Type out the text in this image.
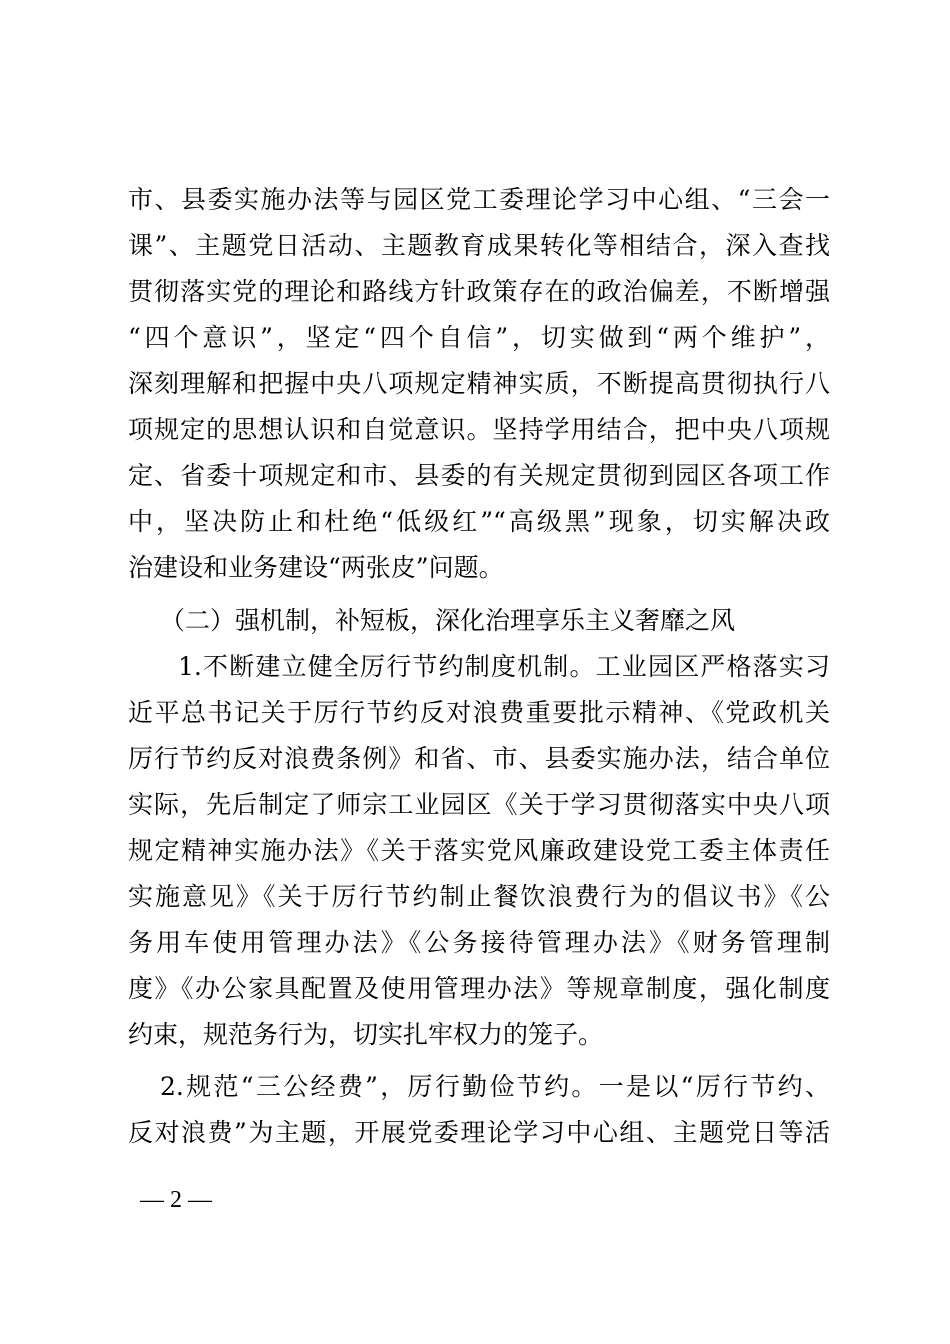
市、县委实施办法等与园区党工委理论学习中心组、“三会一
课”、主题党日活动、主题教育成果转化等相结合，深入查找
贯彻落实党的理论和路线方针政策存在的政治偏差，不断增强
“四个意识”，坚定“四个自信”，切实做到“两个维护”，
深刻理解和把握中央八项规定精神实质，不断提高贯彻执行八
项规定的思想认识和自觉意识。坚持学用结合，把中央八项规
定、省委十项规定和市、县委的有关规定贯彻到园区各项工作
中，坚决防止和杜绝“低级红”“高级黑”现象，切实解决政
治建设和业务建设“两张皮”问题。
（二）强机制，补短板，深化治理享乐主义奢靡之风
1.不断建立健全厉行节约制度机制。工业园区严格落实习
近平总书记关于厉行节约反对浪费重要批示精神、《党政机关
厉行节约反对浪费条例》和省、市、县委实施办法，结合单位
实际，先后制定了师宗工业园区《关于学习贯彻落实中央八项
规定精神实施办法》《关于落实党风廉政建设党工委主体责任
实施意见》《关于厉行节约制止餐饮浪费行为的倡议书》《公
务用车使用管理办法》《公务接待管理办法》《财务管理制
度》《办公家具配置及使用管理办法》等规章制度，强化制度
约束，规范务行为，切实扎牢权力的笼子。
2.规范“三公经费”，厉行勤俭节约。一是以“厉行节约、
反对浪费”为主题，开展党委理论学习中心组、主题党日等活
— 2 —
